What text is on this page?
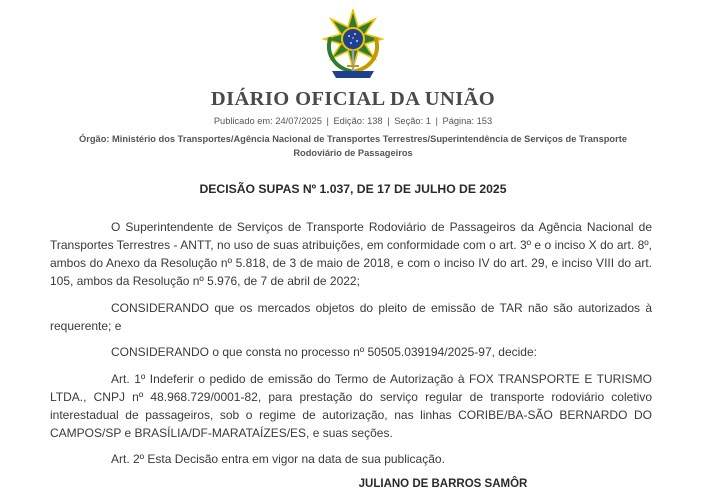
DIÁRIO OFICIAL DA UNIÃO
Publicado em: 24/07/2025 | Edição: 138 | Seção: 1 | Página: 153
Órgão: Ministério dos Transportes/Agência Nacional de Transportes Terrestres/Superintendência de Serviços de Transporte Rodoviário de Passageiros
DECISÃO SUPAS Nº 1.037, DE 17 DE JULHO DE 2025

O Superintendente de Serviços de Transporte Rodoviário de Passageiros da Agência Nacional de Transportes Terrestres - ANTT, no uso de suas atribuições, em conformidade com o art. 3º e o inciso X do art. 8º, ambos do Anexo da Resolução nº 5.818, de 3 de maio de 2018, e com o inciso IV do art. 29, e inciso VIII do art. 105, ambos da Resolução nº 5.976, de 7 de abril de 2022;

CONSIDERANDO que os mercados objetos do pleito de emissão de TAR não são autorizados à requerente; e

CONSIDERANDO o que consta no processo nº 50505.039194/2025-97, decide:

Art. 1º Indeferir o pedido de emissão do Termo de Autorização à FOX TRANSPORTE E TURISMO LTDA., CNPJ nº 48.968.729/0001-82, para prestação do serviço regular de transporte rodoviário coletivo interestadual de passageiros, sob o regime de autorização, nas linhas CORIBE/BA-SÃO BERNARDO DO CAMPOS/SP e BRASÍLIA/DF-MARATAÍZES/ES, e suas seções.

Art. 2º Esta Decisão entra em vigor na data de sua publicação.

JULIANO DE BARROS SAMÔR
